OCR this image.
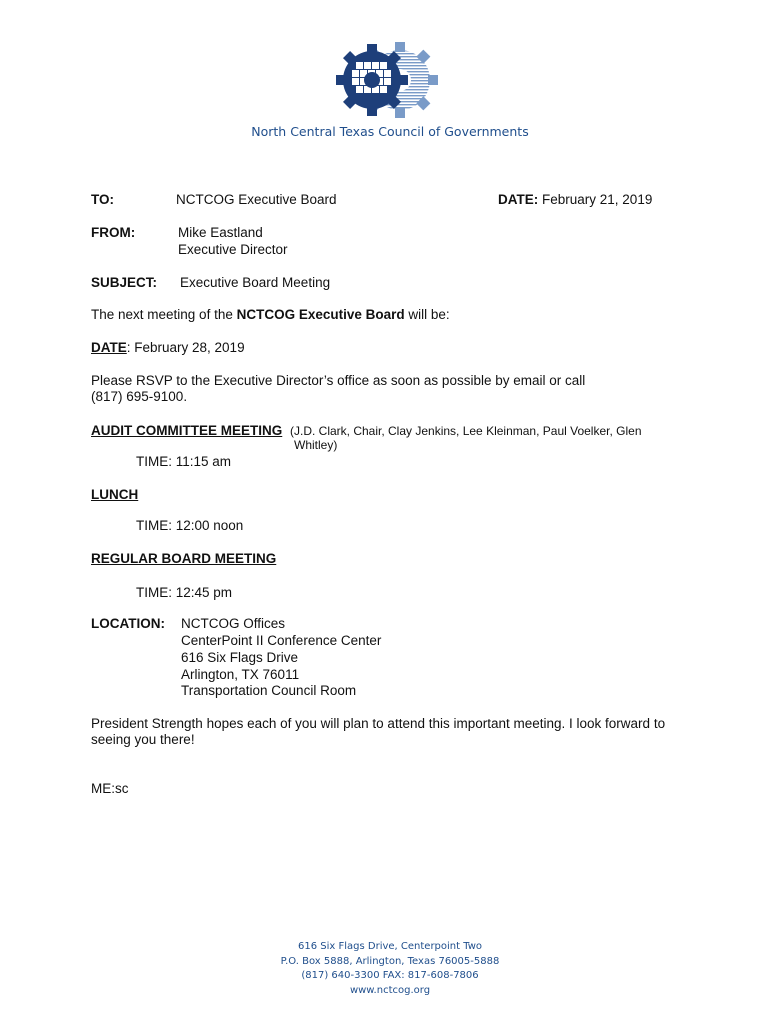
North Central Texas Council of Governments
TO:	NCTCOG Executive Board	DATE: February 21, 2019
FROM:	Mike Eastland
Executive Director
SUBJECT: Executive Board Meeting
The next meeting of the NCTCOG Executive Board will be:
DATE: February 28, 2019
Please RSVP to the Executive Director’s office as soon as possible by email or call
(817) 695-9100.
AUDIT COMMITTEE MEETING (J.D. Clark, Chair, Clay Jenkins, Lee Kleinman, Paul Voelker, Glen
Whitley)
TIME: 11:15 am
LUNCH
TIME: 12:00 noon
REGULAR BOARD MEETING
TIME: 12:45 pm
LOCATION: NCTCOG Offices
CenterPoint II Conference Center
616 Six Flags Drive
Arlington, TX 76011
Transportation Council Room
President Strength hopes each of you will plan to attend this important meeting. I look forward to
seeing you there!
ME:sc
616 Six Flags Drive, Centerpoint Two
P.O. Box 5888, Arlington, Texas 76005-5888
(817) 640-3300 FAX: 817-608-7806
www.nctcog.org
